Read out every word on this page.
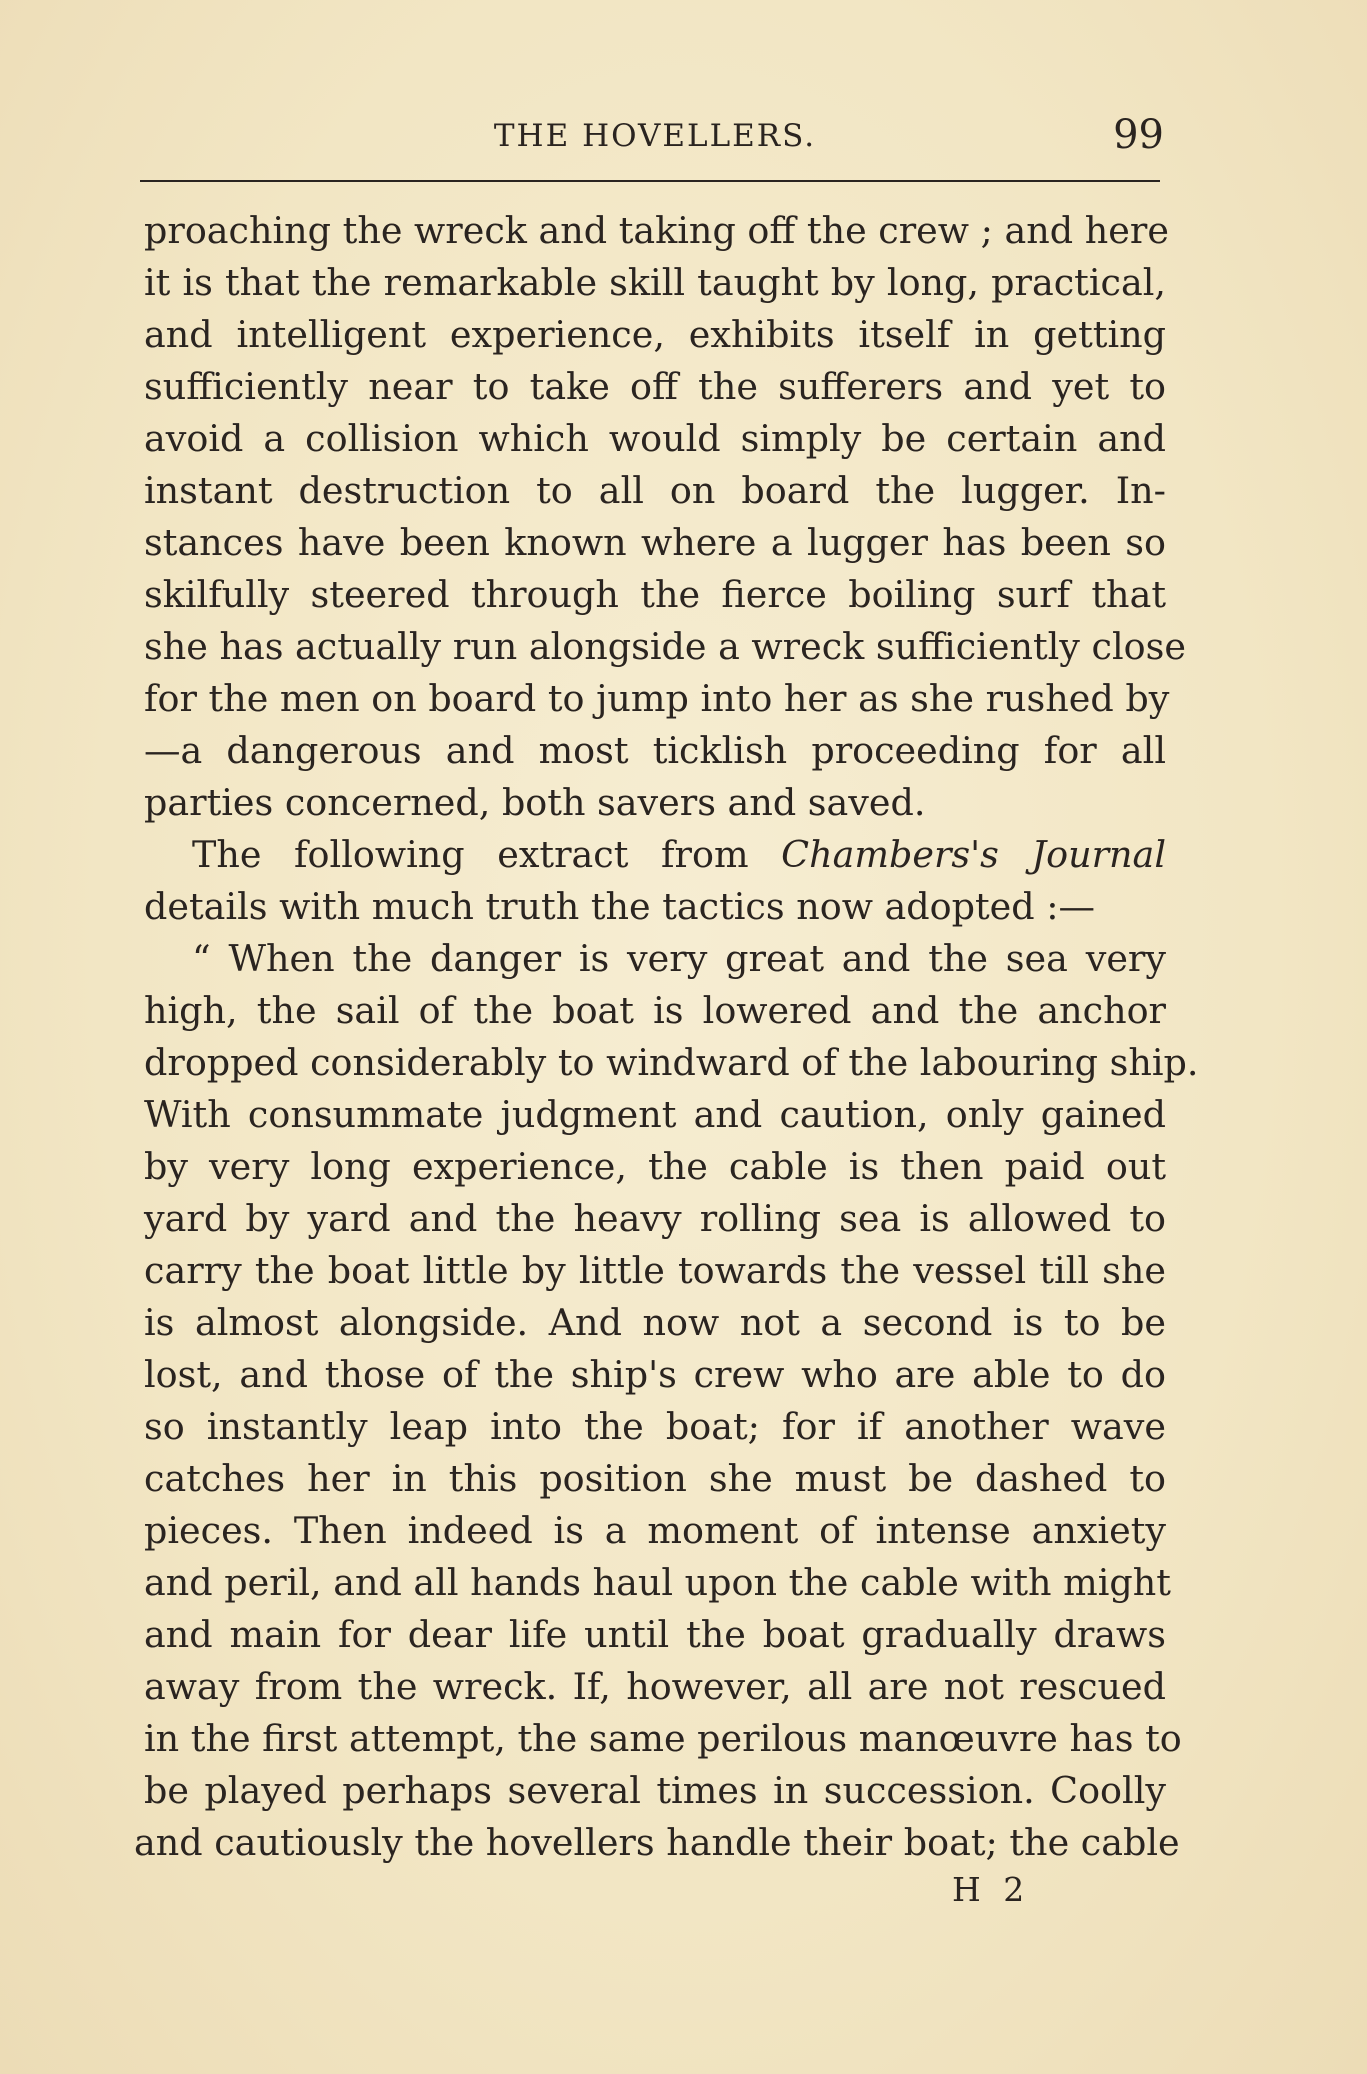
THE HOVELLERS.	99
proaching the wreck and taking off the crew ; and here
it is that the remarkable skill taught by long, practical,
and intelligent experience, exhibits itself in getting
sufficiently near to take off the sufferers and yet to
avoid a collision which would simply be certain and
instant destruction to all on board the lugger. In-
stances have been known where a lugger has been so
skilfully steered through the fierce boiling surf that
she has actually run alongside a wreck sufficiently close
for the men on board to jump into her as she rushed by
—a dangerous and most ticklish proceeding for all
parties concerned, both savers and saved.
The following extract from Chambers's Journal
details with much truth the tactics now adopted :—
“ When the danger is very great and the sea very
high, the sail of the boat is lowered and the anchor
dropped considerably to windward of the labouring ship.
With consummate judgment and caution, only gained
by very long experience, the cable is then paid out
yard by yard and the heavy rolling sea is allowed to
carry the boat little by little towards the vessel till she
is almost alongside. And now not a second is to be
lost, and those of the ship's crew who are able to do
so instantly leap into the boat; for if another wave
catches her in this position she must be dashed to
pieces. Then indeed is a moment of intense anxiety
and peril, and all hands haul upon the cable with might
and main for dear life until the boat gradually draws
away from the wreck. If, however, all are not rescued
in the first attempt, the same perilous manœuvre has to
be played perhaps several times in succession. Coolly
and cautiously the hovellers handle their boat; the cable
H 2
